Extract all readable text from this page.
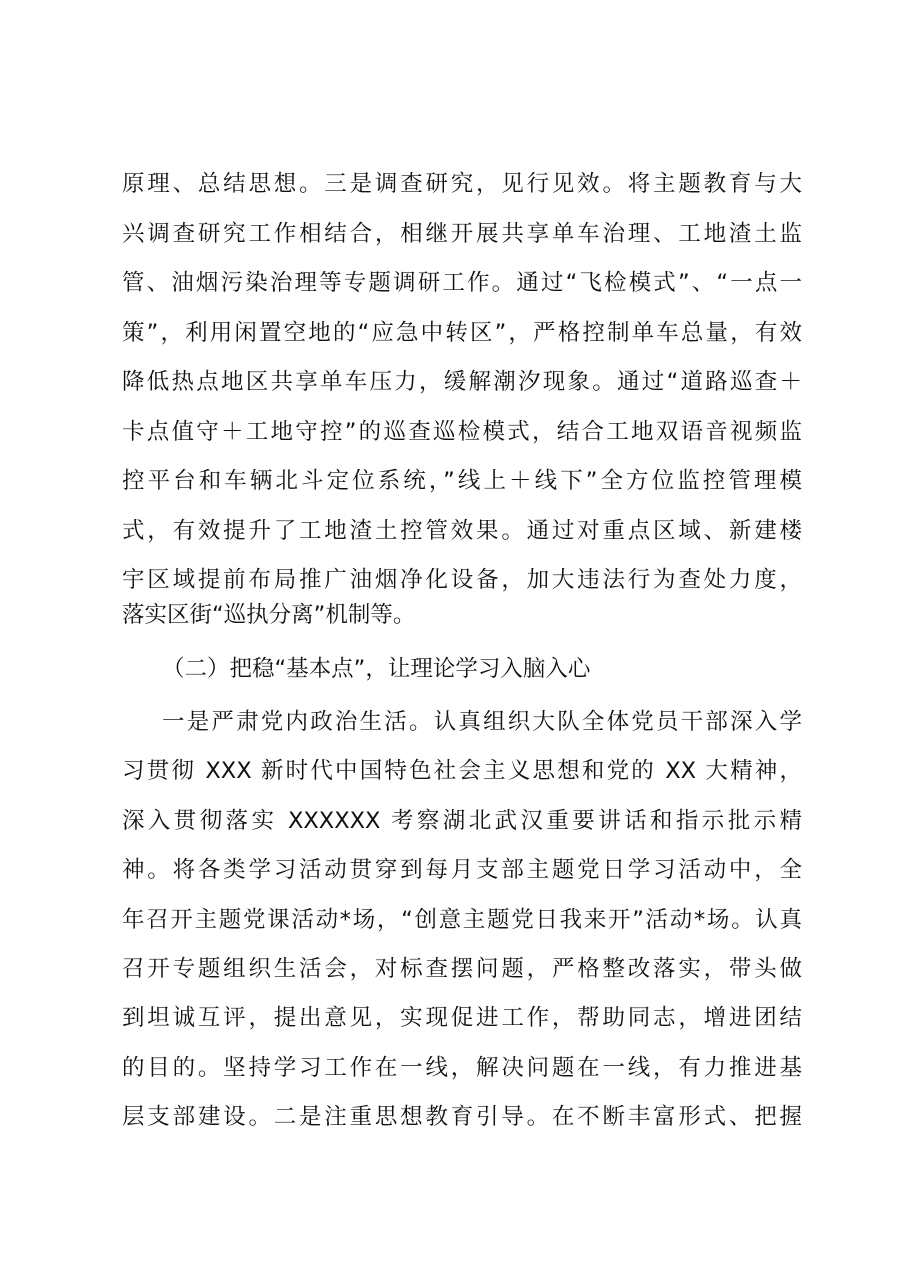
原理、总结思想。三是调查研究，见行见效。将主题教育与大
兴调查研究工作相结合，相继开展共享单车治理、工地渣土监
管、油烟污染治理等专题调研工作。通过“飞检模式”、“一点一
策”，利用闲置空地的“应急中转区”，严格控制单车总量，有效
降低热点地区共享单车压力，缓解潮汐现象。通过“道路巡查＋
卡点值守＋工地守控”的巡查巡检模式，结合工地双语音视频监
控平台和车辆北斗定位系统，”线上＋线下”全方位监控管理模
式，有效提升了工地渣土控管效果。通过对重点区域、新建楼
宇区域提前布局推广油烟净化设备，加大违法行为查处力度，
落实区街“巡执分离”机制等。
（二）把稳“基本点”，让理论学习入脑入心
一是严肃党内政治生活。认真组织大队全体党员干部深入学
习贯彻 XXX 新时代中国特色社会主义思想和党的 XX 大精神，
深入贯彻落实 XXXXXX 考察湖北武汉重要讲话和指示批示精
神。将各类学习活动贯穿到每月支部主题党日学习活动中，全
年召开主题党课活动*场，“创意主题党日我来开”活动*场。认真
召开专题组织生活会，对标查摆问题，严格整改落实，带头做
到坦诚互评，提出意见，实现促进工作，帮助同志，增进团结
的目的。坚持学习工作在一线，解决问题在一线，有力推进基
层支部建设。二是注重思想教育引导。在不断丰富形式、把握
